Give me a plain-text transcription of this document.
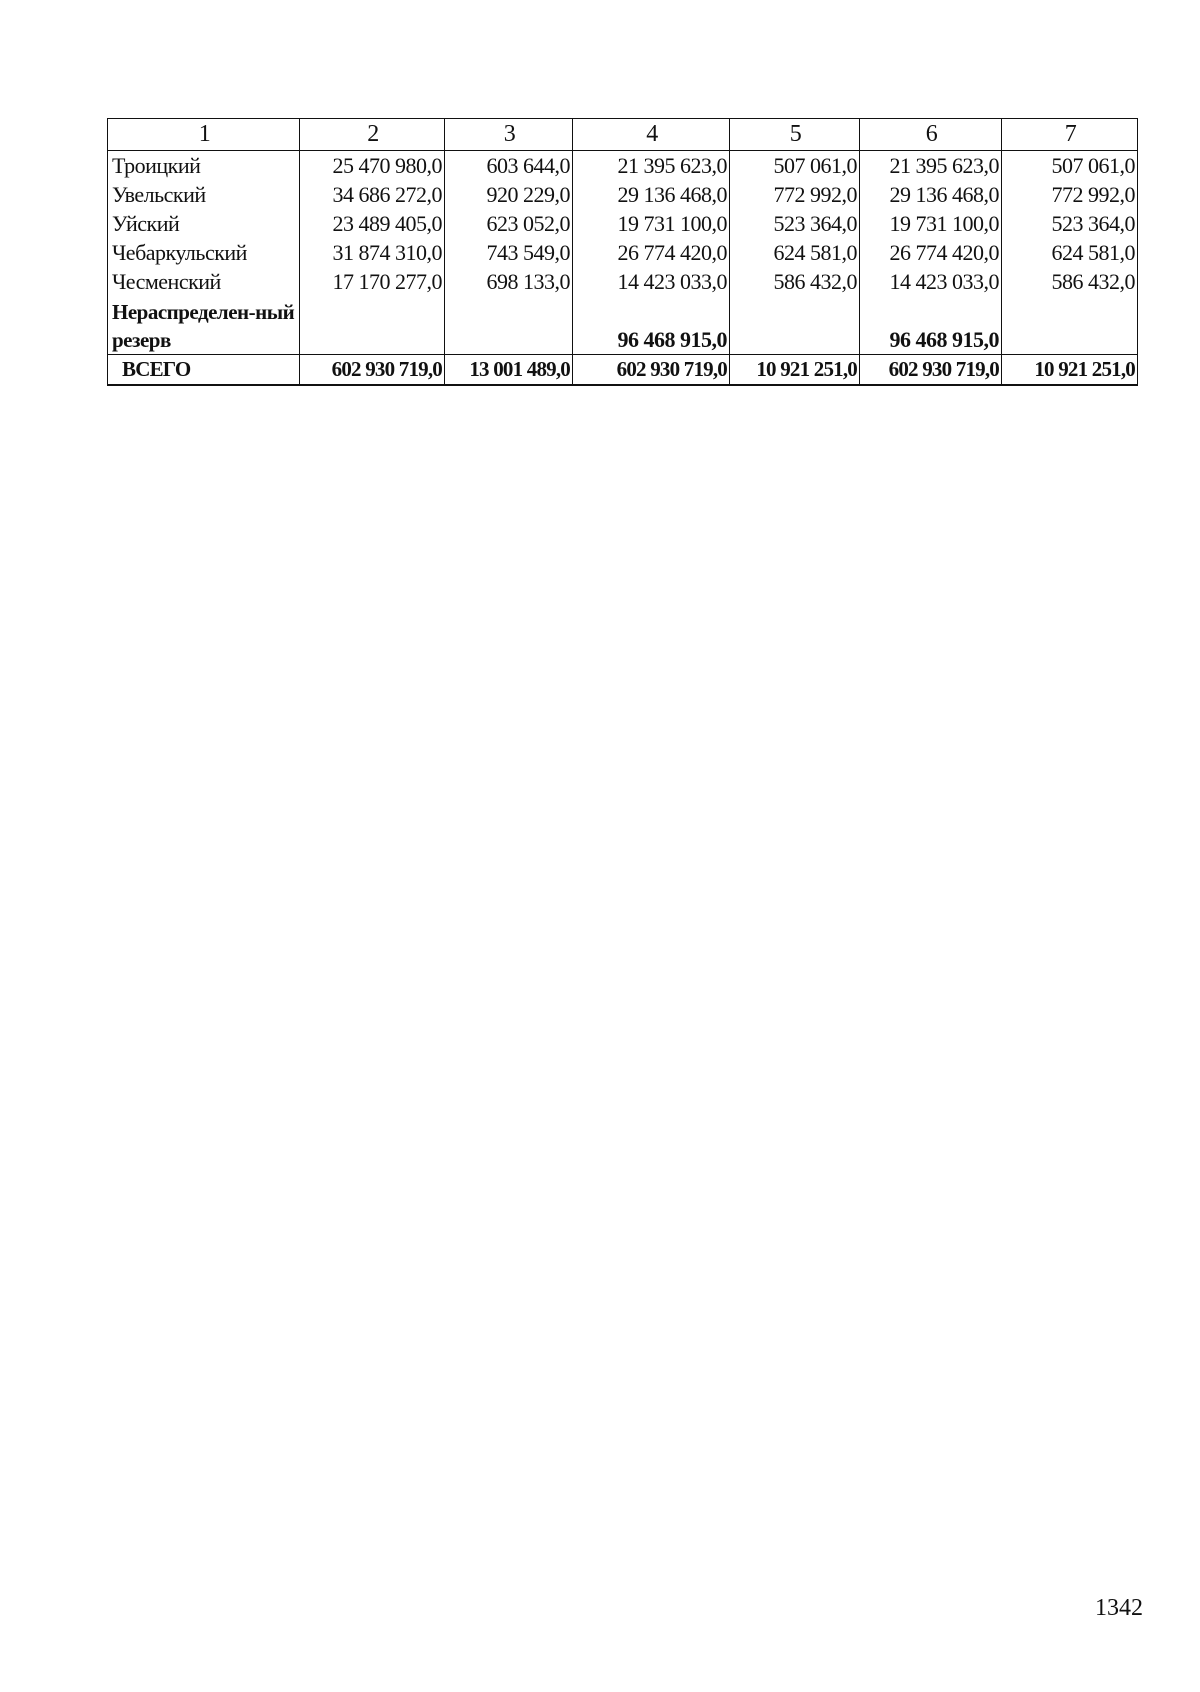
1	2	3	4	5	6	7
Троицкий	25 470 980,0	603 644,0	21 395 623,0	507 061,0	21 395 623,0	507 061,0
Увельский	34 686 272,0	920 229,0	29 136 468,0	772 992,0	29 136 468,0	772 992,0
Уйский	23 489 405,0	623 052,0	19 731 100,0	523 364,0	19 731 100,0	523 364,0
Чебаркульский	31 874 310,0	743 549,0	26 774 420,0	624 581,0	26 774 420,0	624 581,0
Чесменский	17 170 277,0	698 133,0	14 423 033,0	586 432,0	14 423 033,0	586 432,0
Нераспределен-ный резерв			96 468 915,0		96 468 915,0	
ВСЕГО	602 930 719,0	13 001 489,0	602 930 719,0	10 921 251,0	602 930 719,0	10 921 251,0
1342
